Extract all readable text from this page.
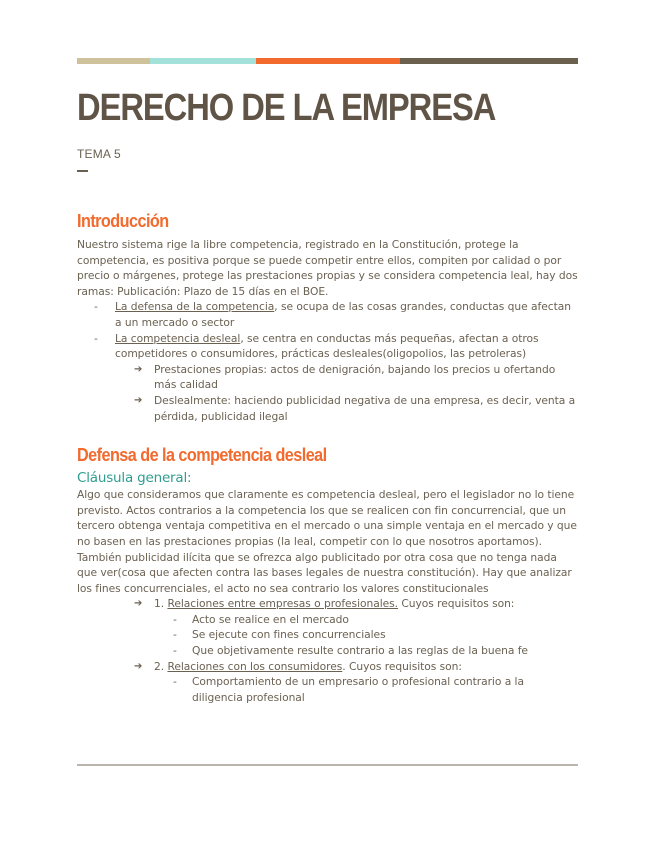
DERECHO DE LA EMPRESA
TEMA 5
Introducción

Nuestro sistema rige la libre competencia, registrado en la Constitución, protege la competencia, es positiva porque se puede competir entre ellos, compiten por calidad o por precio o márgenes, protege las prestaciones propias y se considera competencia leal, hay dos ramas: Publicación: Plazo de 15 días en el BOE.

- La defensa de la competencia, se ocupa de las cosas grandes, conductas que afectan a un mercado o sector
- La competencia desleal, se centra en conductas más pequeñas, afectan a otros competidores o consumidores, prácticas desleales(oligopolios, las petroleras)
➔ Prestaciones propias: actos de denigración, bajando los precios u ofertando más calidad
➔ Deslealmente: haciendo publicidad negativa de una empresa, es decir, venta a pérdida, publicidad ilegal
Defensa de la competencia desleal
Cláusula general:

Algo que consideramos que claramente es competencia desleal, pero el legislador no lo tiene previsto. Actos contrarios a la competencia los que se realicen con fin concurrencial, que un tercero obtenga ventaja competitiva en el mercado o una simple ventaja en el mercado y que no basen en las prestaciones propias (la leal, competir con lo que nosotros aportamos). También publicidad ilícita que se ofrezca algo publicitado por otra cosa que no tenga nada que ver(cosa que afecten contra las bases legales de nuestra constitución). Hay que analizar los fines concurrenciales, el acto no sea contrario los valores constitucionales

➔ 1. Relaciones entre empresas o profesionales. Cuyos requisitos son:
- Acto se realice en el mercado
- Se ejecute con fines concurrenciales
- Que objetivamente resulte contrario a las reglas de la buena fe
➔ 2. Relaciones con los consumidores. Cuyos requisitos son:
- Comportamiento de un empresario o profesional contrario a la diligencia profesional
